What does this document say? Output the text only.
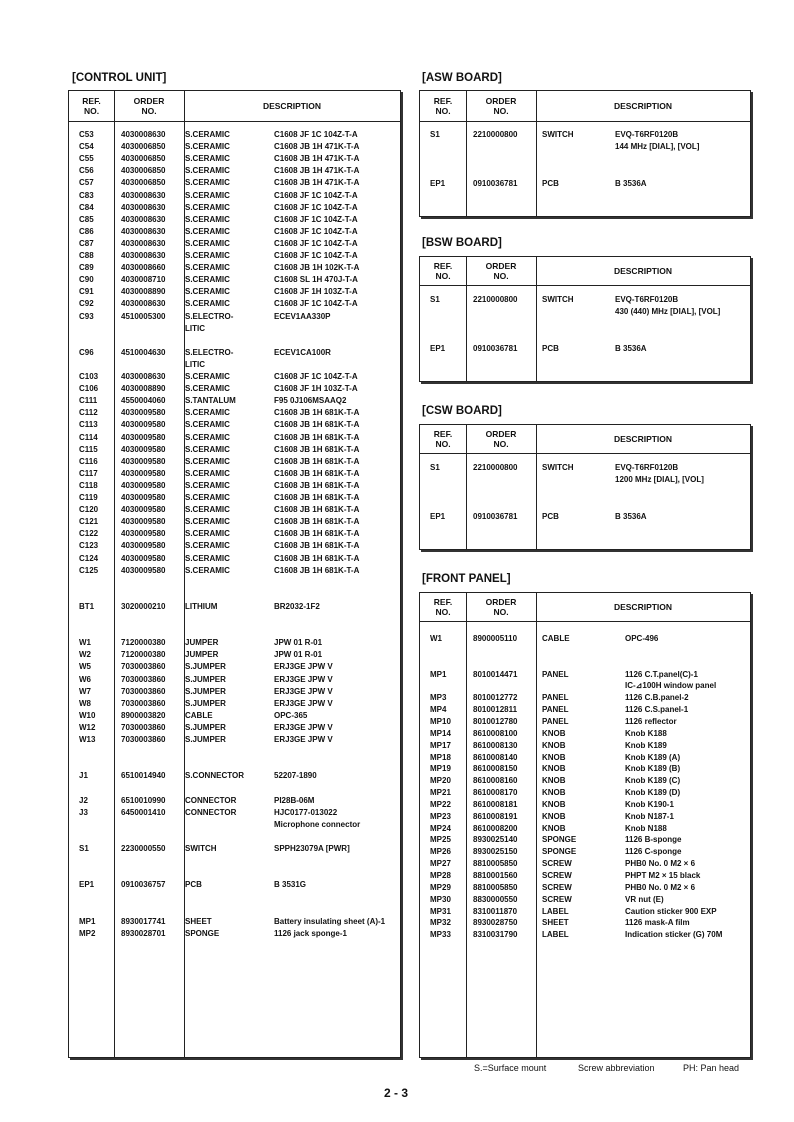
[CONTROL UNIT]
REF.
NO.
ORDER
NO.	DESCRIPTION
C53	4030008630 S.CERAMIC	C1608 JF 1C 104Z-T-A
C54	4030006850 S.CERAMIC	C1608 JB 1H 471K-T-A
C55	4030006850 S.CERAMIC	C1608 JB 1H 471K-T-A
C56	4030006850 S.CERAMIC	C1608 JB 1H 471K-T-A
C57	4030006850 S.CERAMIC	C1608 JB 1H 471K-T-A
C83	4030008630 S.CERAMIC	C1608 JF 1C 104Z-T-A
C84	4030008630 S.CERAMIC	C1608 JF 1C 104Z-T-A
C85	4030008630 S.CERAMIC	C1608 JF 1C 104Z-T-A
C86	4030008630 S.CERAMIC	C1608 JF 1C 104Z-T-A
C87	4030008630 S.CERAMIC	C1608 JF 1C 104Z-T-A
C88	4030008630 S.CERAMIC	C1608 JF 1C 104Z-T-A
C89	4030008660 S.CERAMIC	C1608 JB 1H 102K-T-A
C90	4030008710 S.CERAMIC	C1608 SL 1H 470J-T-A
C91	4030008890 S.CERAMIC	C1608 JF 1H 103Z-T-A
C92	4030008630 S.CERAMIC	C1608 JF 1C 104Z-T-A
C93	4510005300 S.ELECTRO-	ECEV1AA330P
LITIC
C96	4510004630 S.ELECTRO-	ECEV1CA100R
LITIC
C103	4030008630 S.CERAMIC	C1608 JF 1C 104Z-T-A
C106	4030008890 S.CERAMIC	C1608 JF 1H 103Z-T-A
C111	4550004060 S.TANTALUM	F95 0J106MSAAQ2
C112	4030009580 S.CERAMIC	C1608 JB 1H 681K-T-A
C113	4030009580 S.CERAMIC	C1608 JB 1H 681K-T-A
C114	4030009580 S.CERAMIC	C1608 JB 1H 681K-T-A
C115	4030009580 S.CERAMIC	C1608 JB 1H 681K-T-A
C116	4030009580 S.CERAMIC	C1608 JB 1H 681K-T-A
C117	4030009580 S.CERAMIC	C1608 JB 1H 681K-T-A
C118	4030009580 S.CERAMIC	C1608 JB 1H 681K-T-A
C119	4030009580 S.CERAMIC	C1608 JB 1H 681K-T-A
C120	4030009580 S.CERAMIC	C1608 JB 1H 681K-T-A
C121	4030009580 S.CERAMIC	C1608 JB 1H 681K-T-A
C122	4030009580 S.CERAMIC	C1608 JB 1H 681K-T-A
C123	4030009580 S.CERAMIC	C1608 JB 1H 681K-T-A
C124	4030009580 S.CERAMIC	C1608 JB 1H 681K-T-A
C125	4030009580 S.CERAMIC	C1608 JB 1H 681K-T-A
BT1	3020000210 LITHIUM	BR2032-1F2
W1	7120000380 JUMPER	JPW 01 R-01
W2	7120000380 JUMPER	JPW 01 R-01
W5	7030003860 S.JUMPER	ERJ3GE JPW V
W6	7030003860 S.JUMPER	ERJ3GE JPW V
W7	7030003860 S.JUMPER	ERJ3GE JPW V
W8	7030003860 S.JUMPER	ERJ3GE JPW V
W10	8900003820 CABLE	OPC-365
W12	7030003860 S.JUMPER	ERJ3GE JPW V
W13	7030003860 S.JUMPER	ERJ3GE JPW V
J1	6510014940 S.CONNECTOR	52207-1890
J2	6510010990 CONNECTOR	PI28B-06M
J3	6450001410 CONNECTOR	HJC0177-013022
Microphone connector
S1	2230000550 SWITCH	SPPH23079A [PWR]
EP1	0910036757 PCB	B 3531G
MP1	8930017741 SHEET	Battery insulating sheet (A)-1
MP2	8930028701 SPONGE	1126 jack sponge-1
[ASW BOARD]
REF.
NO.
ORDER
NO.	DESCRIPTION
S1	2210000800	SWITCH	EVQ-T6RF0120B
144 MHz [DIAL], [VOL]
EP1	0910036781	PCB	B 3536A
[BSW BOARD]
REF.
NO.
ORDER
NO.	DESCRIPTION
S1	2210000800	SWITCH	EVQ-T6RF0120B
430 (440) MHz [DIAL], [VOL]
EP1	0910036781	PCB	B 3536A
[CSW BOARD]
REF.
NO.
ORDER
NO.	DESCRIPTION
S1	2210000800	SWITCH	EVQ-T6RF0120B
1200 MHz [DIAL], [VOL]
EP1	0910036781	PCB	B 3536A
[FRONT PANEL]
REF.
NO.
ORDER
NO.	DESCRIPTION
W1	8900005110	CABLE	OPC-496
MP1	8010014471	PANEL	1126 C.T.panel(C)-1
IC-⊿100H window panel
MP3	8010012772	PANEL	1126 C.B.panel-2
MP4	8010012811	PANEL	1126 C.S.panel-1
MP10	8010012780	PANEL	1126 reflector
MP14	8610008100	KNOB	Knob K188
MP17	8610008130	KNOB	Knob K189
MP18	8610008140	KNOB	Knob K189 (A)
MP19	8610008150	KNOB	Knob K189 (B)
MP20	8610008160	KNOB	Knob K189 (C)
MP21	8610008170	KNOB	Knob K189 (D)
MP22	8610008181	KNOB	Knob K190-1
MP23	8610008191	KNOB	Knob N187-1
MP24	8610008200	KNOB	Knob N188
MP25	8930025140	SPONGE	1126 B-sponge
MP26	8930025150	SPONGE	1126 C-sponge
MP27	8810005850	SCREW	PHB0 No. 0 M2 × 6
MP28	8810001560	SCREW	PHPT M2 × 15 black
MP29	8810005850	SCREW	PHB0 No. 0 M2 × 6
MP30	8830000550	SCREW	VR nut (E)
MP31	8310011870	LABEL	Caution sticker 900 EXP
MP32	8930028750	SHEET	1126 mask-A film
MP33	8310031790	LABEL	Indication sticker (G) 70M
S.=Surface mount	Screw abbreviation	PH: Pan head
2 - 3
